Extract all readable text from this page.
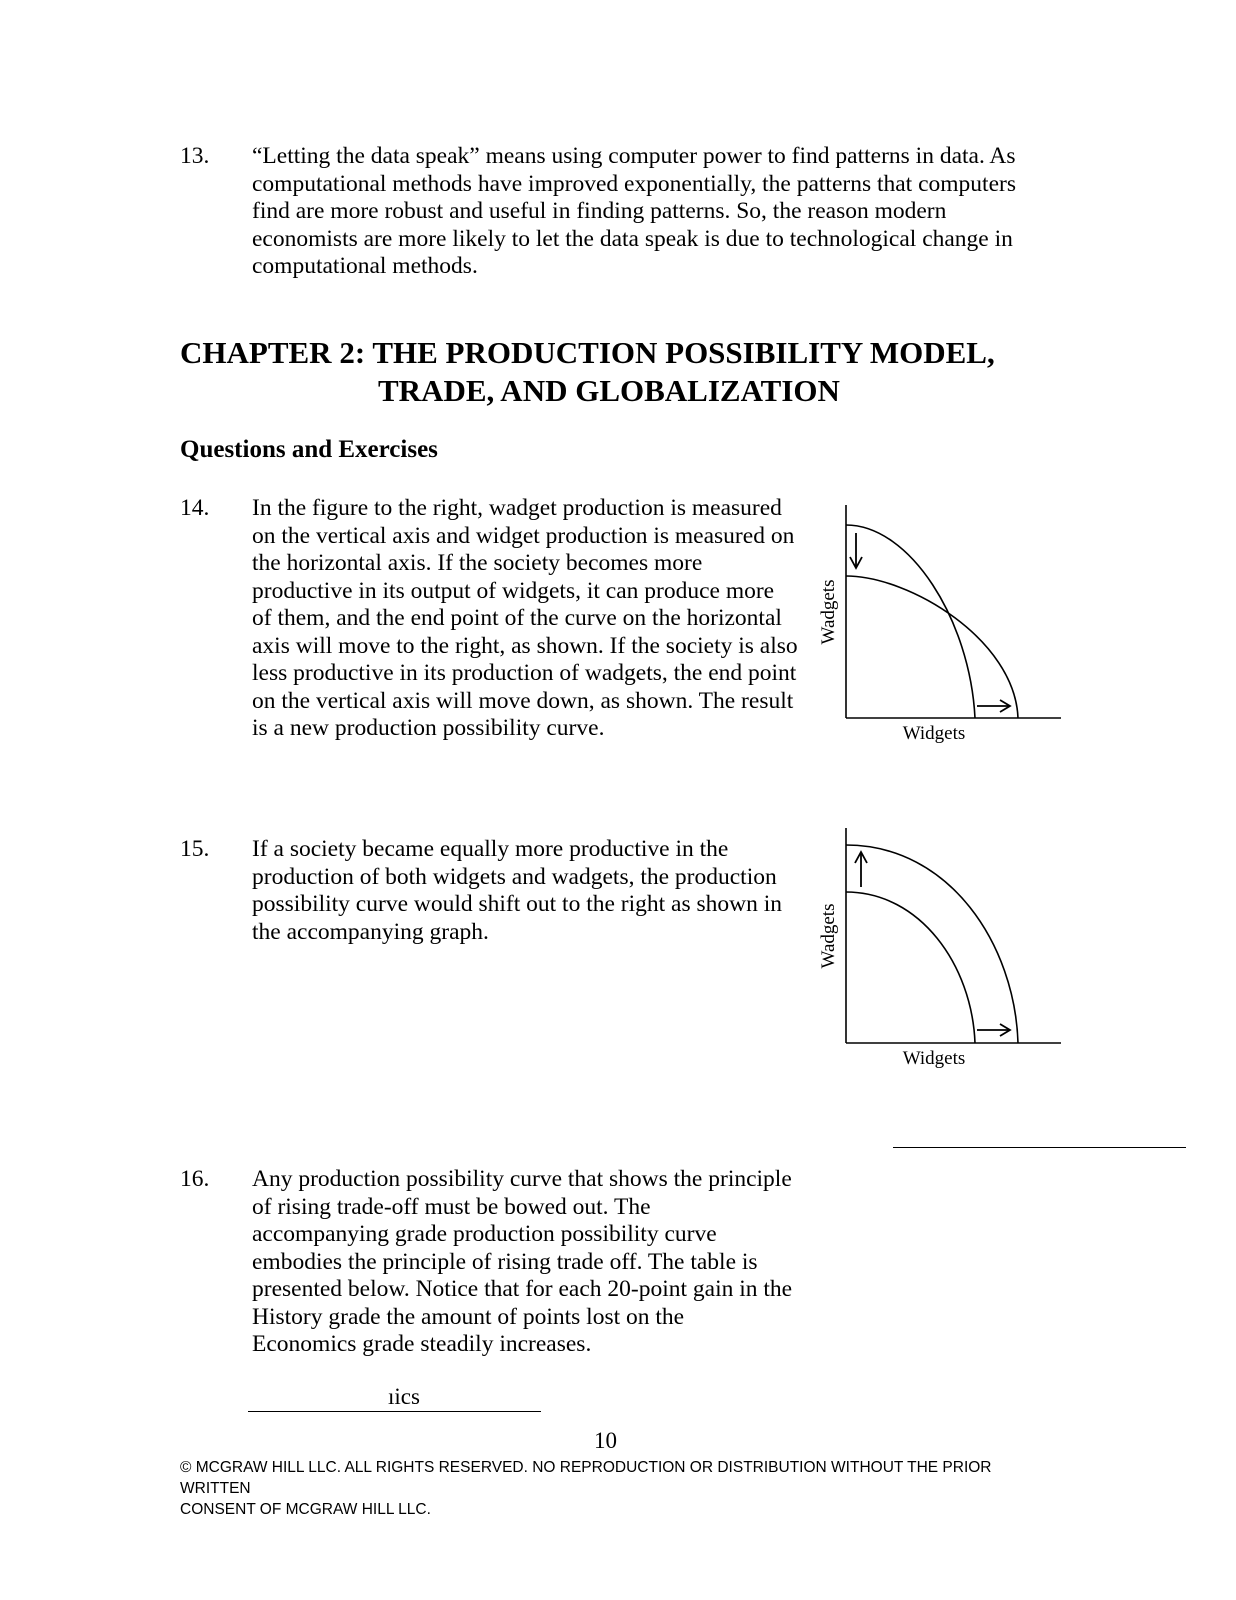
13. “Letting the data speak” means using computer power to find patterns in data. As
computational methods have improved exponentially, the patterns that computers
find are more robust and useful in finding patterns. So, the reason modern
economists are more likely to let the data speak is due to technological change in
computational methods.
CHAPTER 2: THE PRODUCTION POSSIBILITY MODEL,
TRADE, AND GLOBALIZATION
Questions and Exercises
14. In the figure to the right, wadget production is measured
on the vertical axis and widget production is measured on
the horizontal axis. If the society becomes more
productive in its output of widgets, it can produce more
of them, and the end point of the curve on the horizontal
axis will move to the right, as shown. If the society is also
less productive in its production of wadgets, the end point
on the vertical axis will move down, as shown. The result
is a new production possibility curve.
Wadgets
Widgets
15. If a society became equally more productive in the
production of both widgets and wadgets, the production
possibility curve would shift out to the right as shown in
the accompanying graph.	Wadgets
Widgets
16. Any production possibility curve that shows the principle
of rising trade-off must be bowed out. The
accompanying grade production possibility curve
embodies the principle of rising trade off. The table is
presented below. Notice that for each 20-point gain in the
History grade the amount of points lost on the
Economics grade steadily increases.
ıics
10
© MCGRAW HILL LLC. ALL RIGHTS RESERVED. NO REPRODUCTION OR DISTRIBUTION WITHOUT THE PRIOR WRITTEN
CONSENT OF MCGRAW HILL LLC.
